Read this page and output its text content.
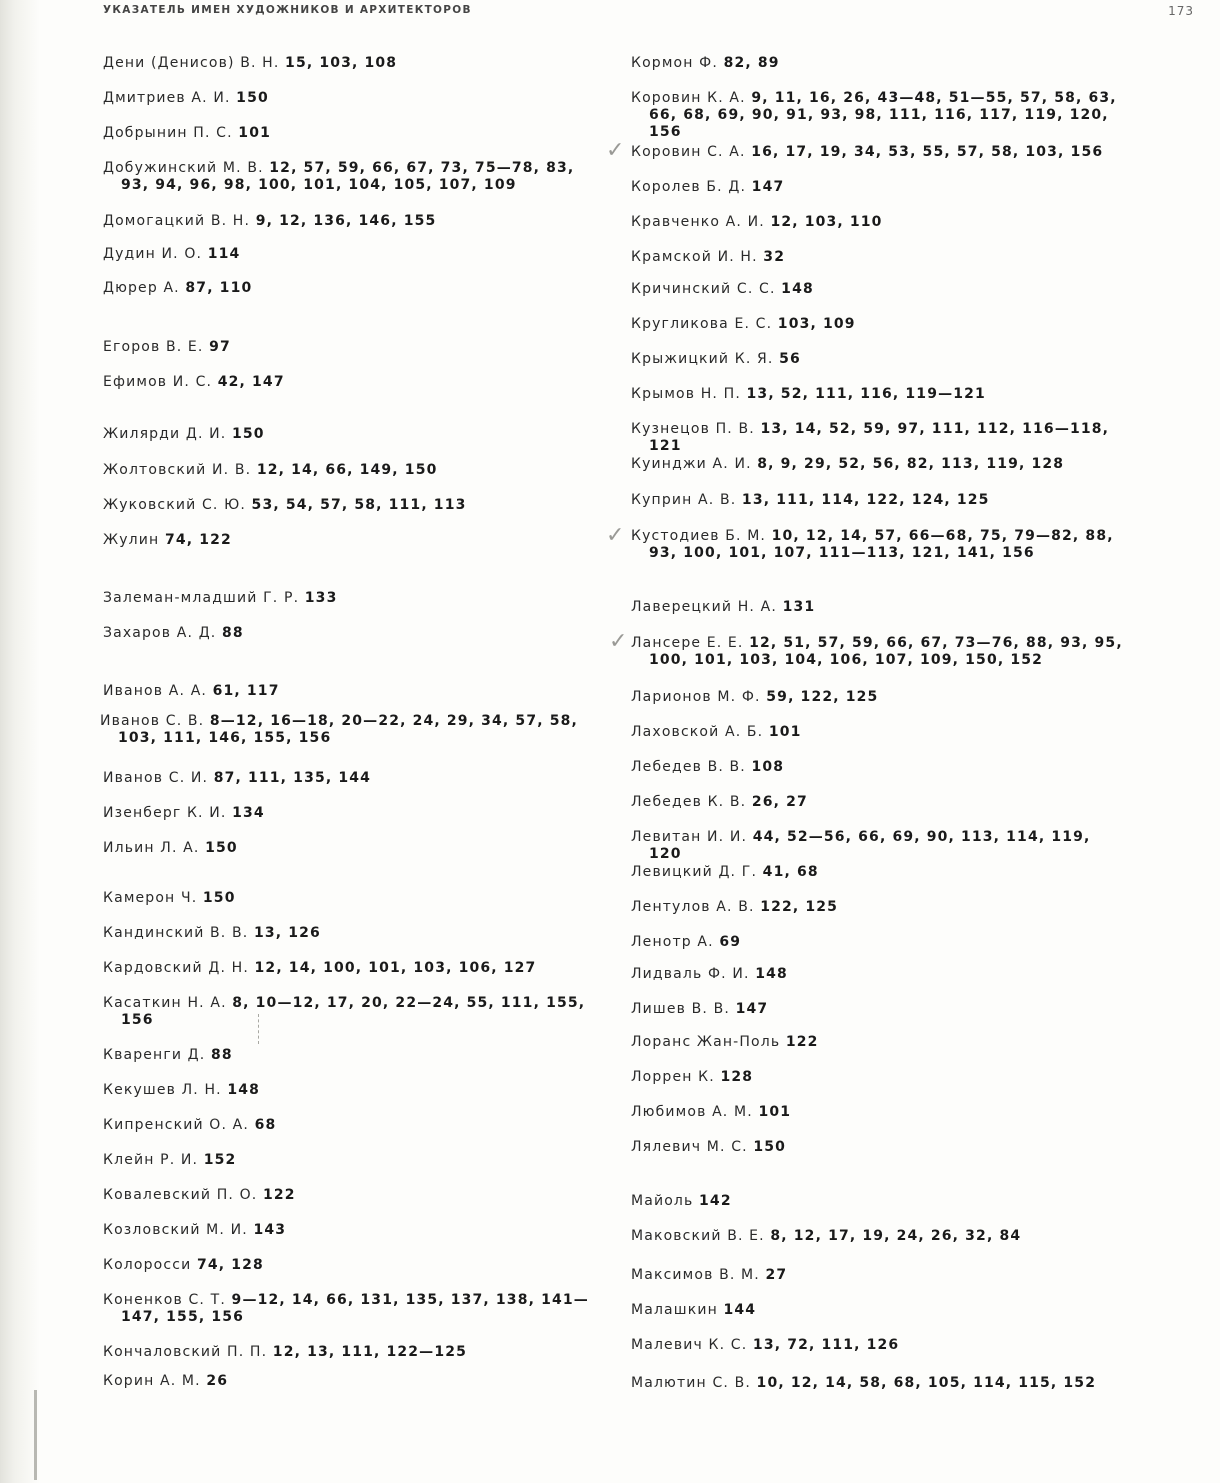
УКАЗАТЕЛЬ ИМЕН ХУДОЖНИКОВ И АРХИТЕКТОРОВ	173
Дени (Денисов) В. Н. 15, 103, 108
Дмитриев А. И. 150
Добрынин П. С. 101
Добужинский М. В. 12, 57, 59, 66, 67, 73, 75—78, 83, 93, 94, 96, 98, 100, 101, 104, 105, 107, 109
Домогацкий В. Н. 9, 12, 136, 146, 155
Дудин И. О. 114
Дюрер А. 87, 110
Егоров В. Е. 97
Ефимов И. С. 42, 147
Жилярди Д. И. 150
Жолтовский И. В. 12, 14, 66, 149, 150
Жуковский С. Ю. 53, 54, 57, 58, 111, 113
Жулин 74, 122
Залеман-младший Г. Р. 133
Захаров А. Д. 88
Иванов А. А. 61, 117
Иванов С. В. 8—12, 16—18, 20—22, 24, 29, 34, 57, 58, 103, 111, 146, 155, 156
Иванов С. И. 87, 111, 135, 144
Изенберг К. И. 134
Ильин Л. А. 150
Камерон Ч. 150
Кандинский В. В. 13, 126
Кардовский Д. Н. 12, 14, 100, 101, 103, 106, 127
Касаткин Н. А. 8, 10—12, 17, 20, 22—24, 55, 111, 155, 156
Кваренги Д. 88
Кекушев Л. Н. 148
Кипренский О. А. 68
Клейн Р. И. 152
Ковалевский П. О. 122
Козловский М. И. 143
Колоросси 74, 128
Коненков С. Т. 9—12, 14, 66, 131, 135, 137, 138, 141—147, 155, 156
Кончаловский П. П. 12, 13, 111, 122—125
Корин А. М. 26
Кормон Ф. 82, 89
Коровин К. А. 9, 11, 16, 26, 43—48, 51—55, 57, 58, 63, 66, 68, 69, 90, 91, 93, 98, 111, 116, 117, 119, 120, 156
Коровин С. А. 16, 17, 19, 34, 53, 55, 57, 58, 103, 156
Королев Б. Д. 147
Кравченко А. И. 12, 103, 110
Крамской И. Н. 32
Кричинский С. С. 148
Кругликова Е. С. 103, 109
Крыжицкий К. Я. 56
Крымов Н. П. 13, 52, 111, 116, 119—121
Кузнецов П. В. 13, 14, 52, 59, 97, 111, 112, 116—118, 121
Куинджи А. И. 8, 9, 29, 52, 56, 82, 113, 119, 128
Куприн А. В. 13, 111, 114, 122, 124, 125
Кустодиев Б. М. 10, 12, 14, 57, 66—68, 75, 79—82, 88, 93, 100, 101, 107, 111—113, 121, 141, 156
Лаверецкий Н. А. 131
Лансере Е. Е. 12, 51, 57, 59, 66, 67, 73—76, 88, 93, 95, 100, 101, 103, 104, 106, 107, 109, 150, 152
Ларионов М. Ф. 59, 122, 125
Лаховской А. Б. 101
Лебедев В. В. 108
Лебедев К. В. 26, 27
Левитан И. И. 44, 52—56, 66, 69, 90, 113, 114, 119, 120
Левицкий Д. Г. 41, 68
Лентулов А. В. 122, 125
Ленотр А. 69
Лидваль Ф. И. 148
Лишев В. В. 147
Лоранс Жан-Поль 122
Лоррен К. 128
Любимов А. М. 101
Лялевич М. С. 150
Майоль 142
Маковский В. Е. 8, 12, 17, 19, 24, 26, 32, 84
Максимов В. М. 27
Малашкин 144
Малевич К. С. 13, 72, 111, 126
Малютин С. В. 10, 12, 14, 58, 68, 105, 114, 115, 152
✓
✓
✓
